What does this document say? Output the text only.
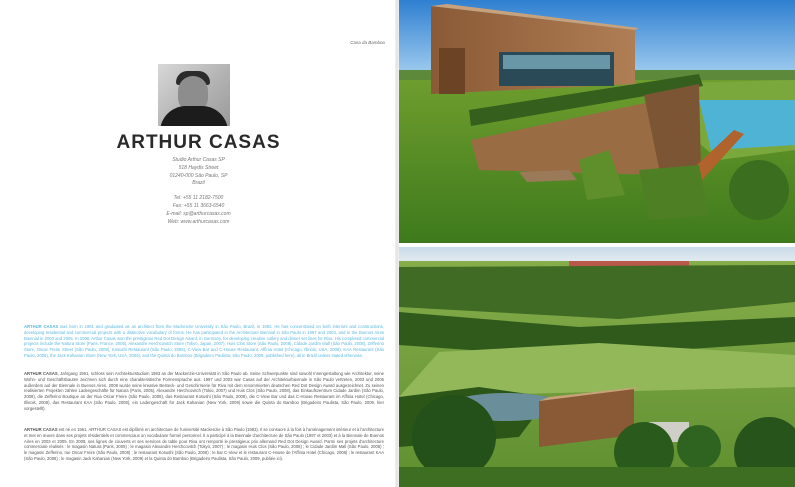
Casa da Bamboo
ARTHUR CASAS
Studio Arthur Casas SP
518 Haydis Street
01240-000 São Paulo, SP
Brazil
Tel: +55 11 2182-7500
Fax: +55 11 3663-6540
E-mail: sp@arthurcasas.com
Web: www.arthurcasas.com

ARTHUR CASAS was born in 1961 and graduated as an architect from the Mackenzie University in São Paulo, Brazil, in 1983. He has concentrated on both interiors and constructions, developing residential and commercial projects with a distinctive vocabulary of forms. He has participated in the Architecture Biennial in São Paulo in 1997 and 2003, and in the Buenos Aires Biennial in 2003 and 2005. In 2008, Arthur Casas won the prestigious Red Dot Design Award, in Germany, for developing creative cutlery and dinner set lines for Riva. His completed commercial projects include the Natura Store (Paris, France, 2005), Alexandre Herchcovitch Store (Tokyo, Japan, 2007), Huis Clos Store (São Paulo, 2008), Cidade Jardim Mall (São Paulo, 2008), Zefferino Store, Oscar Freire Street (São Paulo, 2008), Kosushi Restaurant (São Paulo, 2008), C-View Bar and C-House Restaurant, Affinia Hotel (Chicago, Illinois, USA, 2008), KAA Restaurant (São Paulo, 2008), the Jack Kahanian Store (New York, USA, 2009), and the Quinta do Bamboo (Brigadeiro Paulista, São Paulo, 2009, published here), all in Brazil unless stated otherwise.

ARTHUR CASAS, Jahrgang 1961, schloss sein Architekturstudium 1983 an der Mackenzie-Universität in São Paulo ab. Seine Schwerpunkte sind sowohl Innengestaltung wie Architektur, seine Wohn- und Geschäftsbauten zeichnen sich durch eine charakteristische Formensprache aus. 1997 und 2003 war Casas auf der Architekturbiennale in São Paulo vertreten, 2003 und 2005 außerdem auf der Biennale in Buenos Aires. 2008 wurde seine kreative Besteck- und Geschirrserie für Riva mit dem renommierten deutschen Red Dot Design Award ausgezeichnet. Zu seinen realisierten Projekten zählen Ladengeschäfte für Natura (Paris, 2005), Alexandre Herchcovitch (Tokio, 2007) und Huis Clos (São Paulo, 2008), das Einkaufszentrum Cidade Jardim (São Paulo, 2008), die Zefferino Boutique an der Rua Oscar Freire (São Paulo, 2008), das Restaurant Kosushi (São Paulo, 2008), die C-View Bar und das C-House Restaurant im Affinia Hotel (Chicago, Illinois, 2008), das Restaurant KAA (São Paulo, 2008), ein Ladengeschäft für Jack Kahanian (New York, 2009) sowie die Quinta do Bamboo (Brigadeiro Paulista, São Paulo, 2009, hier vorgestellt).

ARTHUR CASAS est né en 1961. ARTHUR CASAS est diplômé en architecture de l'université Mackenzie à São Paulo (1983). Il se consacre à la fois à l'aménagement intérieur et à l'architecture et met en œuvre dans ses projets résidentiels et commerciaux un vocabulaire formel personnel. Il a participé à la Biennale d'architecture de São Paulo (1997 et 2003) et à la Biennale de Buenos Aires en 2003 et 2005. En 2008, ses lignes de couverts et ses services de table pour Riva ont remporté le prestigieux prix allemand Red Dot Design Award. Parmi ses projets d'architecture commerciale réalisés : le magasin Natura (Paris, 2005) ; le magasin Alexandre Herchcovitch (Tokyo, 2007) ; le magasin Huis Clos (São Paulo, 2008) ; le Cidade Jardim Mall (São Paulo, 2008) ; le magasin Zefferino, rue Oscar Freire (São Paulo, 2008) ; le restaurant Kosushi (São Paulo, 2008) ; le bar C-View et le restaurant C-House de l'Affinia Hotel (Chicago, 2008) ; le restaurant KAA (São Paulo, 2008) ; le magasin Jack Kahanian (New York, 2009) et la Quinta do Bamboo (Brigadeiro Paulista, São Paulo, 2009, publiée ici).
